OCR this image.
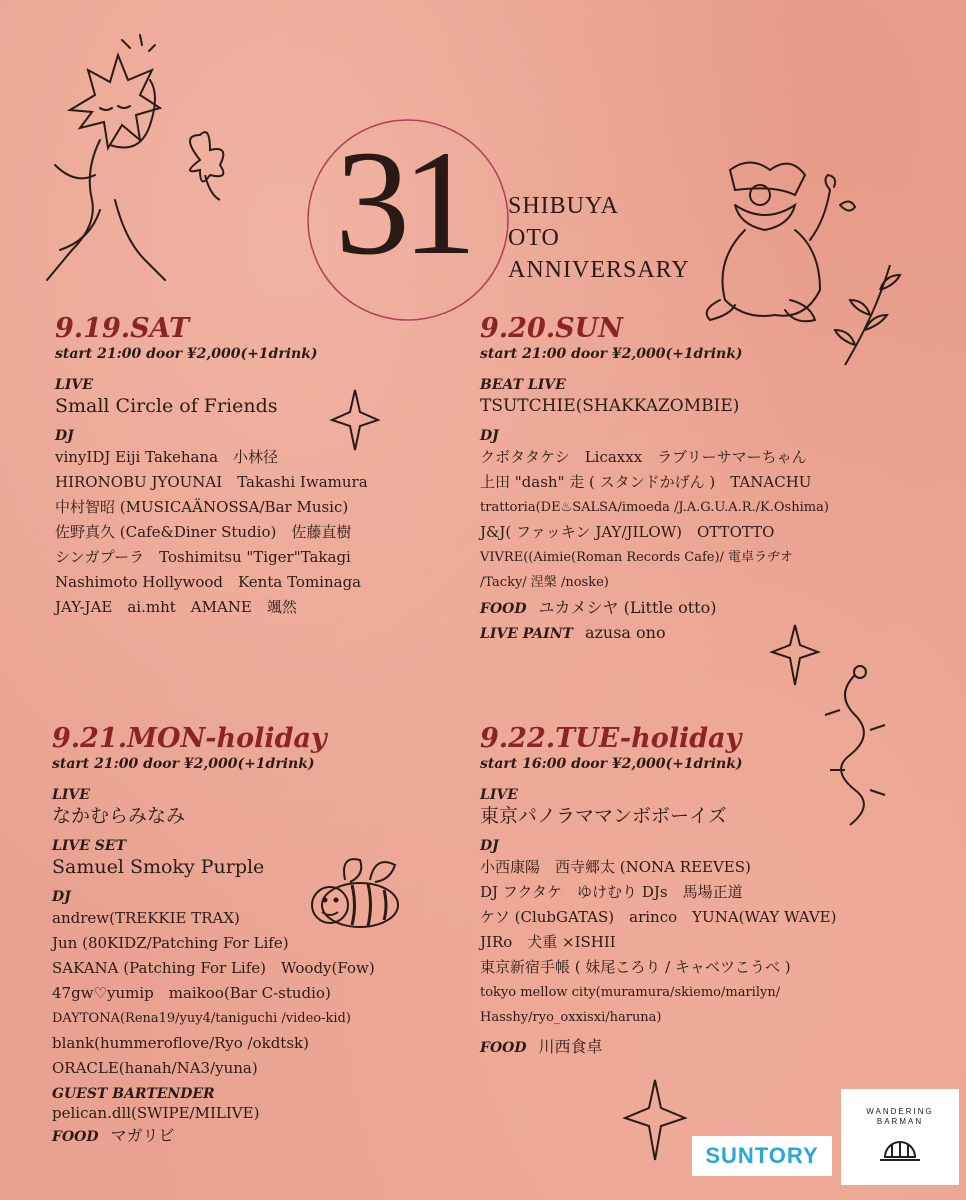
31 SHIBUYA
OTO
ANNIVERSARY

9.19.SAT

start 21:00 door ¥2,000(+1drink)

LIVE
Small Circle of Friends
DJ
vinyIDJ Eiji Takehana　小林径
HIRONOBU JYOUNAI　Takashi Iwamura
中村智昭 (MUSICAÄNOSSA/Bar Music)
佐野真久 (Cafe&Diner Studio)　佐藤直樹
シンガプーラ　Toshimitsu "Tiger"Takagi
Nashimoto Hollywood　Kenta Tominaga
JAY-JAE　ai.mht　AMANE　颯然

9.20.SUN

start 21:00 door ¥2,000(+1drink)

BEAT LIVE
TSUTCHIE(SHAKKAZOMBIE)
DJ
クボタタケシ　Licaxxx　ラブリーサマーちゃん
上田 "dash" 走 ( スタンドかげん )　TANACHU
trattoria(DE♨SALSA/imoeda /J.A.G.U.A.R./K.Oshima)
J&J( ファッキン JAY/JILOW)　OTTOTTO
VIVRE((Aimie(Roman Records Cafe)/ 電卓ラヂオ
/Tacky/ 涅槃 /noske)
FOOD ユカメシヤ (Little otto)
LIVE PAINT azusa ono

9.21.MON-holiday

start 21:00 door ¥2,000(+1drink)

LIVE
なかむらみなみ
LIVE SET
Samuel Smoky Purple
DJ
andrew(TREKKIE TRAX)
Jun (80KIDZ/Patching For Life)
SAKANA (Patching For Life)　Woody(Fow)
47gw♡yumip　maikoo(Bar C-studio)
DAYTONA(Rena19/yuy4/taniguchi /video-kid)
blank(hummeroflove/Ryo /okdtsk)
ORACLE(hanah/NA3/yuna)
GUEST BARTENDER
pelican.dll(SWIPE/MILIVE)
FOOD マガリビ

9.22.TUE-holiday

start 16:00 door ¥2,000(+1drink)

LIVE
東京パノラママンボボーイズ
DJ
小西康陽　西寺郷太 (NONA REEVES)
DJ フクタケ　ゆけむり DJs　馬場正道
ケソ (ClubGATAS)　arinco　YUNA(WAY WAVE)
JIRo　犬重 ×ISHII
東京新宿手帳 ( 妹尾ころり / キャベツこうべ )
tokyo mellow city(muramura/skiemo/marilyn/
Hasshy/ryo_oxxisxi/haruna)
FOOD 川西食卓
SUNTORY
WANDERING
BARMAN
